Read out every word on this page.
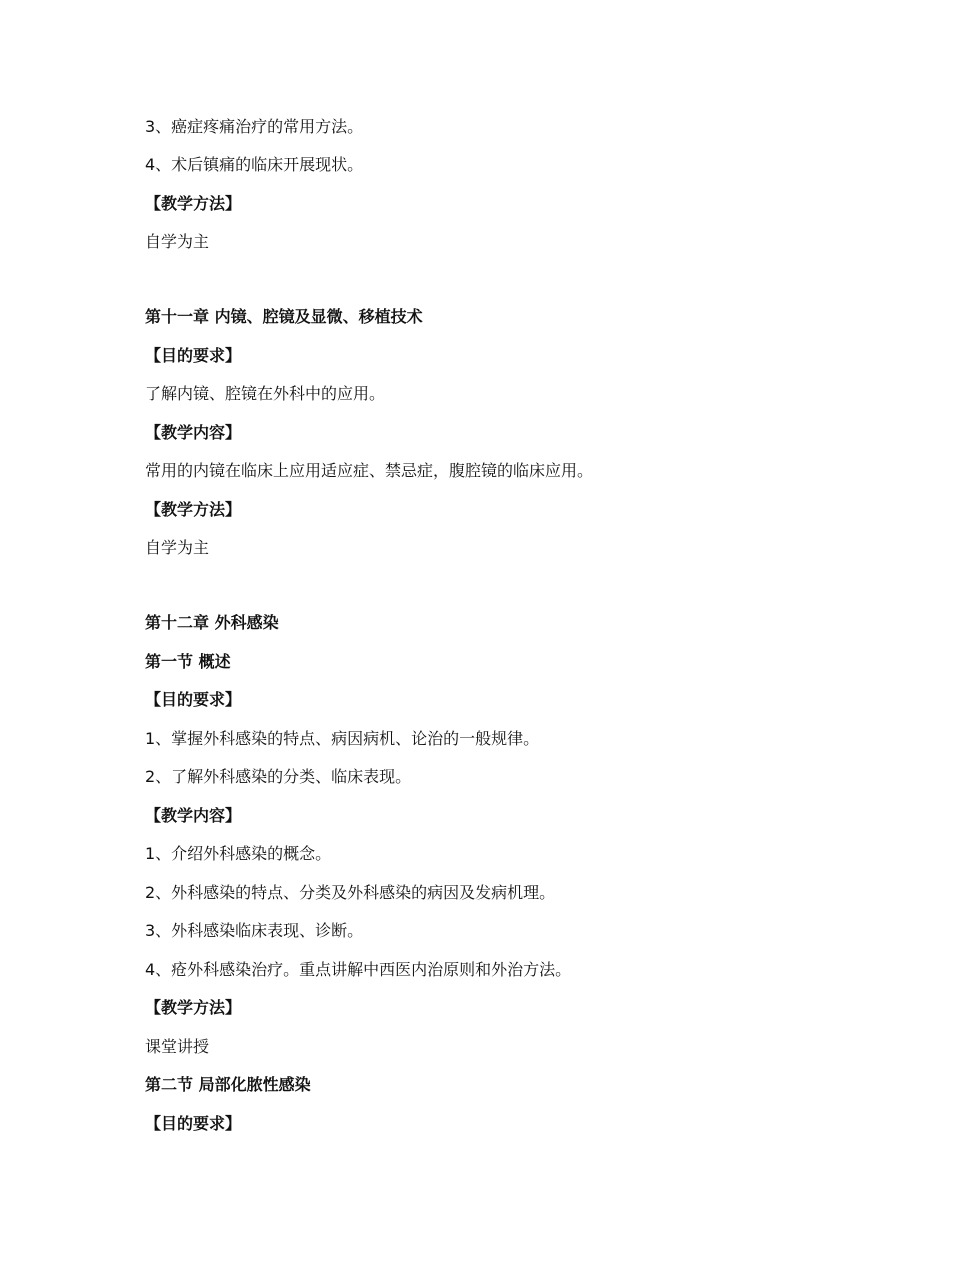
3、癌症疼痛治疗的常用方法。
4、术后镇痛的临床开展现状。
【教学方法】
自学为主
第十一章 内镜、腔镜及显微、移植技术
【目的要求】
了解内镜、腔镜在外科中的应用。
【教学内容】
常用的内镜在临床上应用适应症、禁忌症，腹腔镜的临床应用。
【教学方法】
自学为主
第十二章 外科感染
第一节 概述
【目的要求】
1、掌握外科感染的特点、病因病机、论治的一般规律。
2、了解外科感染的分类、临床表现。
【教学内容】
1、介绍外科感染的概念。
2、外科感染的特点、分类及外科感染的病因及发病机理。
3、外科感染临床表现、诊断。
4、疮外科感染治疗。重点讲解中西医内治原则和外治方法。
【教学方法】
课堂讲授
第二节 局部化脓性感染
【目的要求】
